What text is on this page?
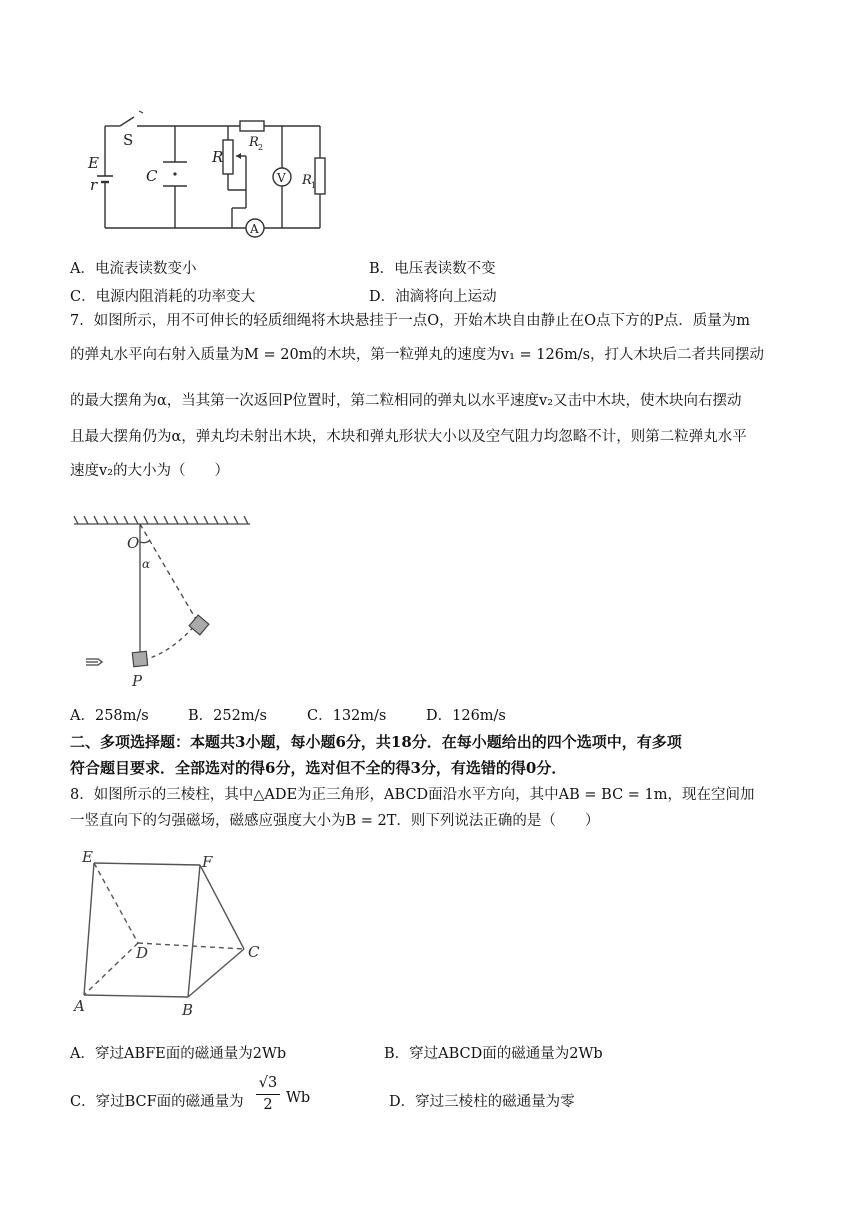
S
E
r	C
R
R 2
V R 1
A
A．电流表读数变小	B．电压表读数不变
C．电源内阻消耗的功率变大	D．油滴将向上运动
7．如图所示，用不可伸长的轻质细绳将木块悬挂于一点O，开始木块自由静止在O点下方的P点．质量为m
的弹丸水平向右射入质量为M = 20m的木块，第一粒弹丸的速度为v₁ = 126m/s，打人木块后二者共同摆动
的最大摆角为α，当其第一次返回P位置时，第二粒相同的弹丸以水平速度v₂又击中木块，使木块向右摆动
且最大摆角仍为α，弹丸均未射出木块，木块和弹丸形状大小以及空气阻力均忽略不计，则第二粒弹丸水平
速度v₂的大小为（　　）
O
α
P
A．258m/s	B．252m/s	C．132m/s	D．126m/s
二、多项选择题：本题共3小题，每小题6分，共18分．在每小题给出的四个选项中，有多项
符合题目要求．全部选对的得6分，选对但不全的得3分，有选错的得0分．
8．如图所示的三棱柱，其中△ADE为正三角形，ABCD面沿水平方向，其中AB = BC = 1m，现在空间加
一竖直向下的匀强磁场，磁感应强度大小为B = 2T．则下列说法正确的是（　　）
E	F
D	C
A	B
A．穿过ABFE面的磁通量为2Wb	B．穿过ABCD面的磁通量为2Wb
C．穿过BCF面的磁通量为
√3
2 Wb	D．穿过三棱柱的磁通量为零
